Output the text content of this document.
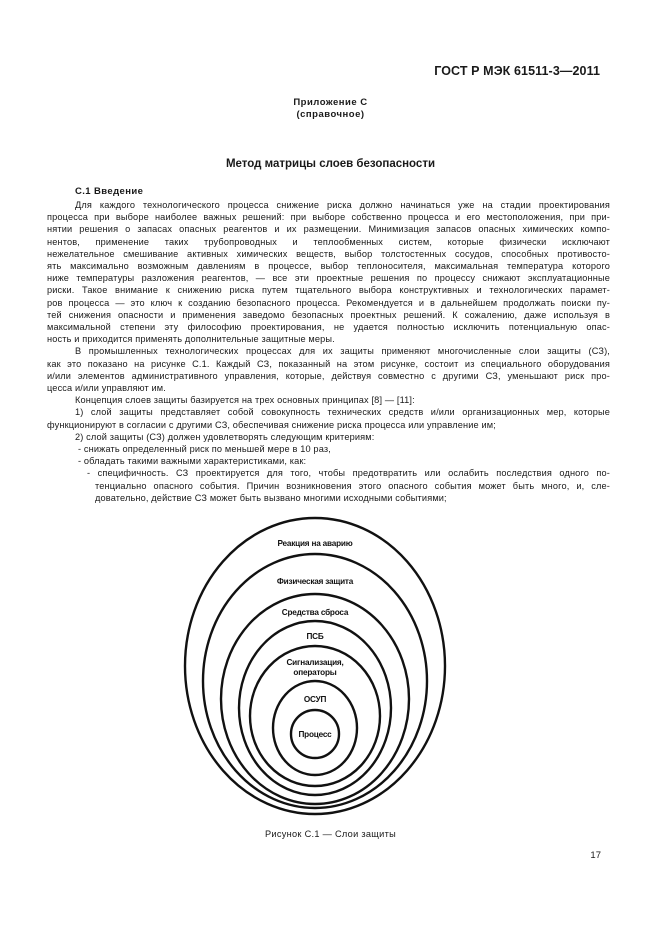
ГОСТ Р МЭК 61511-3—2011
Приложение С
(справочное)
Метод матрицы слоев безопасности
С.1 Введение

Для каждого технологического процесса снижение риска должно начинаться уже на стадии проектирования
процесса при выборе наиболее важных решений: при выборе собственно процесса и его местоположения, при при-
нятии решения о запасах опасных реагентов и их размещении. Минимизация запасов опасных химических компо-
нентов, применение таких трубопроводных и теплообменных систем, которые физически исключают
нежелательное смешивание активных химических веществ, выбор толстостенных сосудов, способных противосто-
ять максимально возможным давлениям в процессе, выбор теплоносителя, максимальная температура которого
ниже температуры разложения реагентов, — все эти проектные решения по процессу снижают эксплуатационные
риски. Такое внимание к снижению риска путем тщательного выбора конструктивных и технологических парамет-
ров процесса — это ключ к созданию безопасного процесса. Рекомендуется и в дальнейшем продолжать поиски пу-
тей снижения опасности и применения заведомо безопасных проектных решений. К сожалению, даже используя в
максимальной степени эту философию проектирования, не удается полностью исключить потенциальную опас-
ность и приходится применять дополнительные защитные меры.

В промышленных технологических процессах для их защиты применяют многочисленные слои защиты (СЗ),
как это показано на рисунке С.1. Каждый СЗ, показанный на этом рисунке, состоит из специального оборудования
и/или элементов административного управления, которые, действуя совместно с другими СЗ, уменьшают риск про-
цесса и/или управляют им.

Концепция слоев защиты базируется на трех основных принципах [8] — [11]:

1) слой защиты представляет собой совокупность технических средств и/или организационных мер, которые
функционируют в согласии с другими СЗ, обеспечивая снижение риска процесса или управление им;

2) слой защиты (СЗ) должен удовлетворять следующим критериям:

- снижать определенный риск по меньшей мере в 10 раз,
- обладать такими важными характеристиками, как:

- специфичность. СЗ проектируется для того, чтобы предотвратить или ослабить последствия одного по-
тенциально опасного события. Причин возникновения этого опасного события может быть много, и, сле-
довательно, действие СЗ может быть вызвано многими исходными событиями;

Реакция на аварию
Физическая защита
Средства сброса
ПСБ
Сигнализация,
операторы
ОСУП
Процесс
Рисунок С.1 — Слои защиты
17
